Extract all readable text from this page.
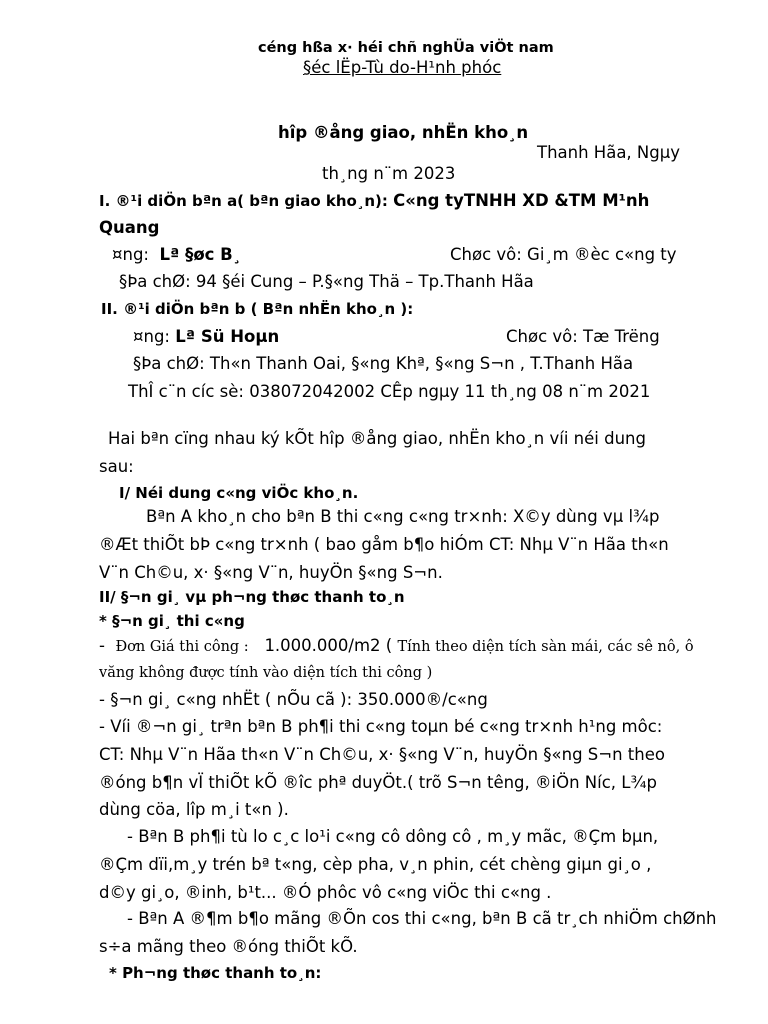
céng hßa x· héi chñ nghÜa viÖt nam
§éc lËp-Tù do-H¹nh phóc
hîp ®ång giao, nhËn kho¸n
Thanh Hãa, Ngµy
th¸ng n¨m 2023
I. ®¹i diÖn bªn a( bªn giao kho¸n): C«ng tyTNHH XD &TM M¹nh
Quang
¤ng: Lª §øc B¸	Chøc vô: Gi¸m ®èc c«ng ty
§Þa chØ: 94 §éi Cung – P.§«ng Thä – Tp.Thanh Hãa
II. ®¹i diÖn bªn b ( Bªn nhËn kho¸n ):
¤ng: Lª Sü Hoµn	Chøc vô: Tæ Trëng
§Þa chØ: Th«n Thanh Oai, §«ng Khª, §«ng S¬n , T.Thanh Hãa
ThÎ c¨n cíc sè: 038072042002 CÊp ngµy 11 th¸ng 08 n¨m 2021
Hai bªn cïng nhau ký kÕt hîp ®ång giao, nhËn kho¸n víi néi dung
sau:
I/ Néi dung c«ng viÖc kho¸n.
Bªn A kho¸n cho bªn B thi c«ng c«ng tr×nh: X©y dùng vµ l¾p
®Æt thiÕt bÞ c«ng tr×nh ( bao gåm b¶o hiÓm CT: Nhµ V¨n Hãa th«n
V¨n Ch©u, x· §«ng V¨n, huyÖn §«ng S¬n.
II/ §¬n gi¸ vµ ph¬ng thøc thanh to¸n
* §¬n gi¸ thi c«ng
-  Đơn Giá thi công : 1.000.000/m2 ( Tính theo diện tích sàn mái, các sê nô, ô
văng không được tính vào diện tích thi công )
- §¬n gi¸ c«ng nhËt ( nÕu cã ): 350.000®/c«ng
- Víi ®¬n gi¸ trªn bªn B ph¶i thi c«ng toµn bé c«ng tr×nh h¹ng môc:
CT: Nhµ V¨n Hãa th«n V¨n Ch©u, x· §«ng V¨n, huyÖn §«ng S¬n theo
®óng b¶n vÏ thiÕt kÕ ®îc phª duyÖt.( trõ S¬n têng, ®iÖn Níc, L¾p
dùng cöa, lîp m¸i t«n ).
- Bªn B ph¶i tù lo c¸c lo¹i c«ng cô dông cô , m¸y mãc, ®Çm bµn,
®Çm dïi,m¸y trén bª t«ng, cèp pha, v¸n phin, cét chèng giµn gi¸o ,
d©y gi¸o, ®inh, b¹t... ®Ó phôc vô c«ng viÖc thi c«ng .
- Bªn A ®¶m b¶o mãng ®Õn cos thi c«ng, bªn B cã tr¸ch nhiÖm chØnh
s÷a mãng theo ®óng thiÕt kÕ.
* Ph¬ng thøc thanh to¸n:
